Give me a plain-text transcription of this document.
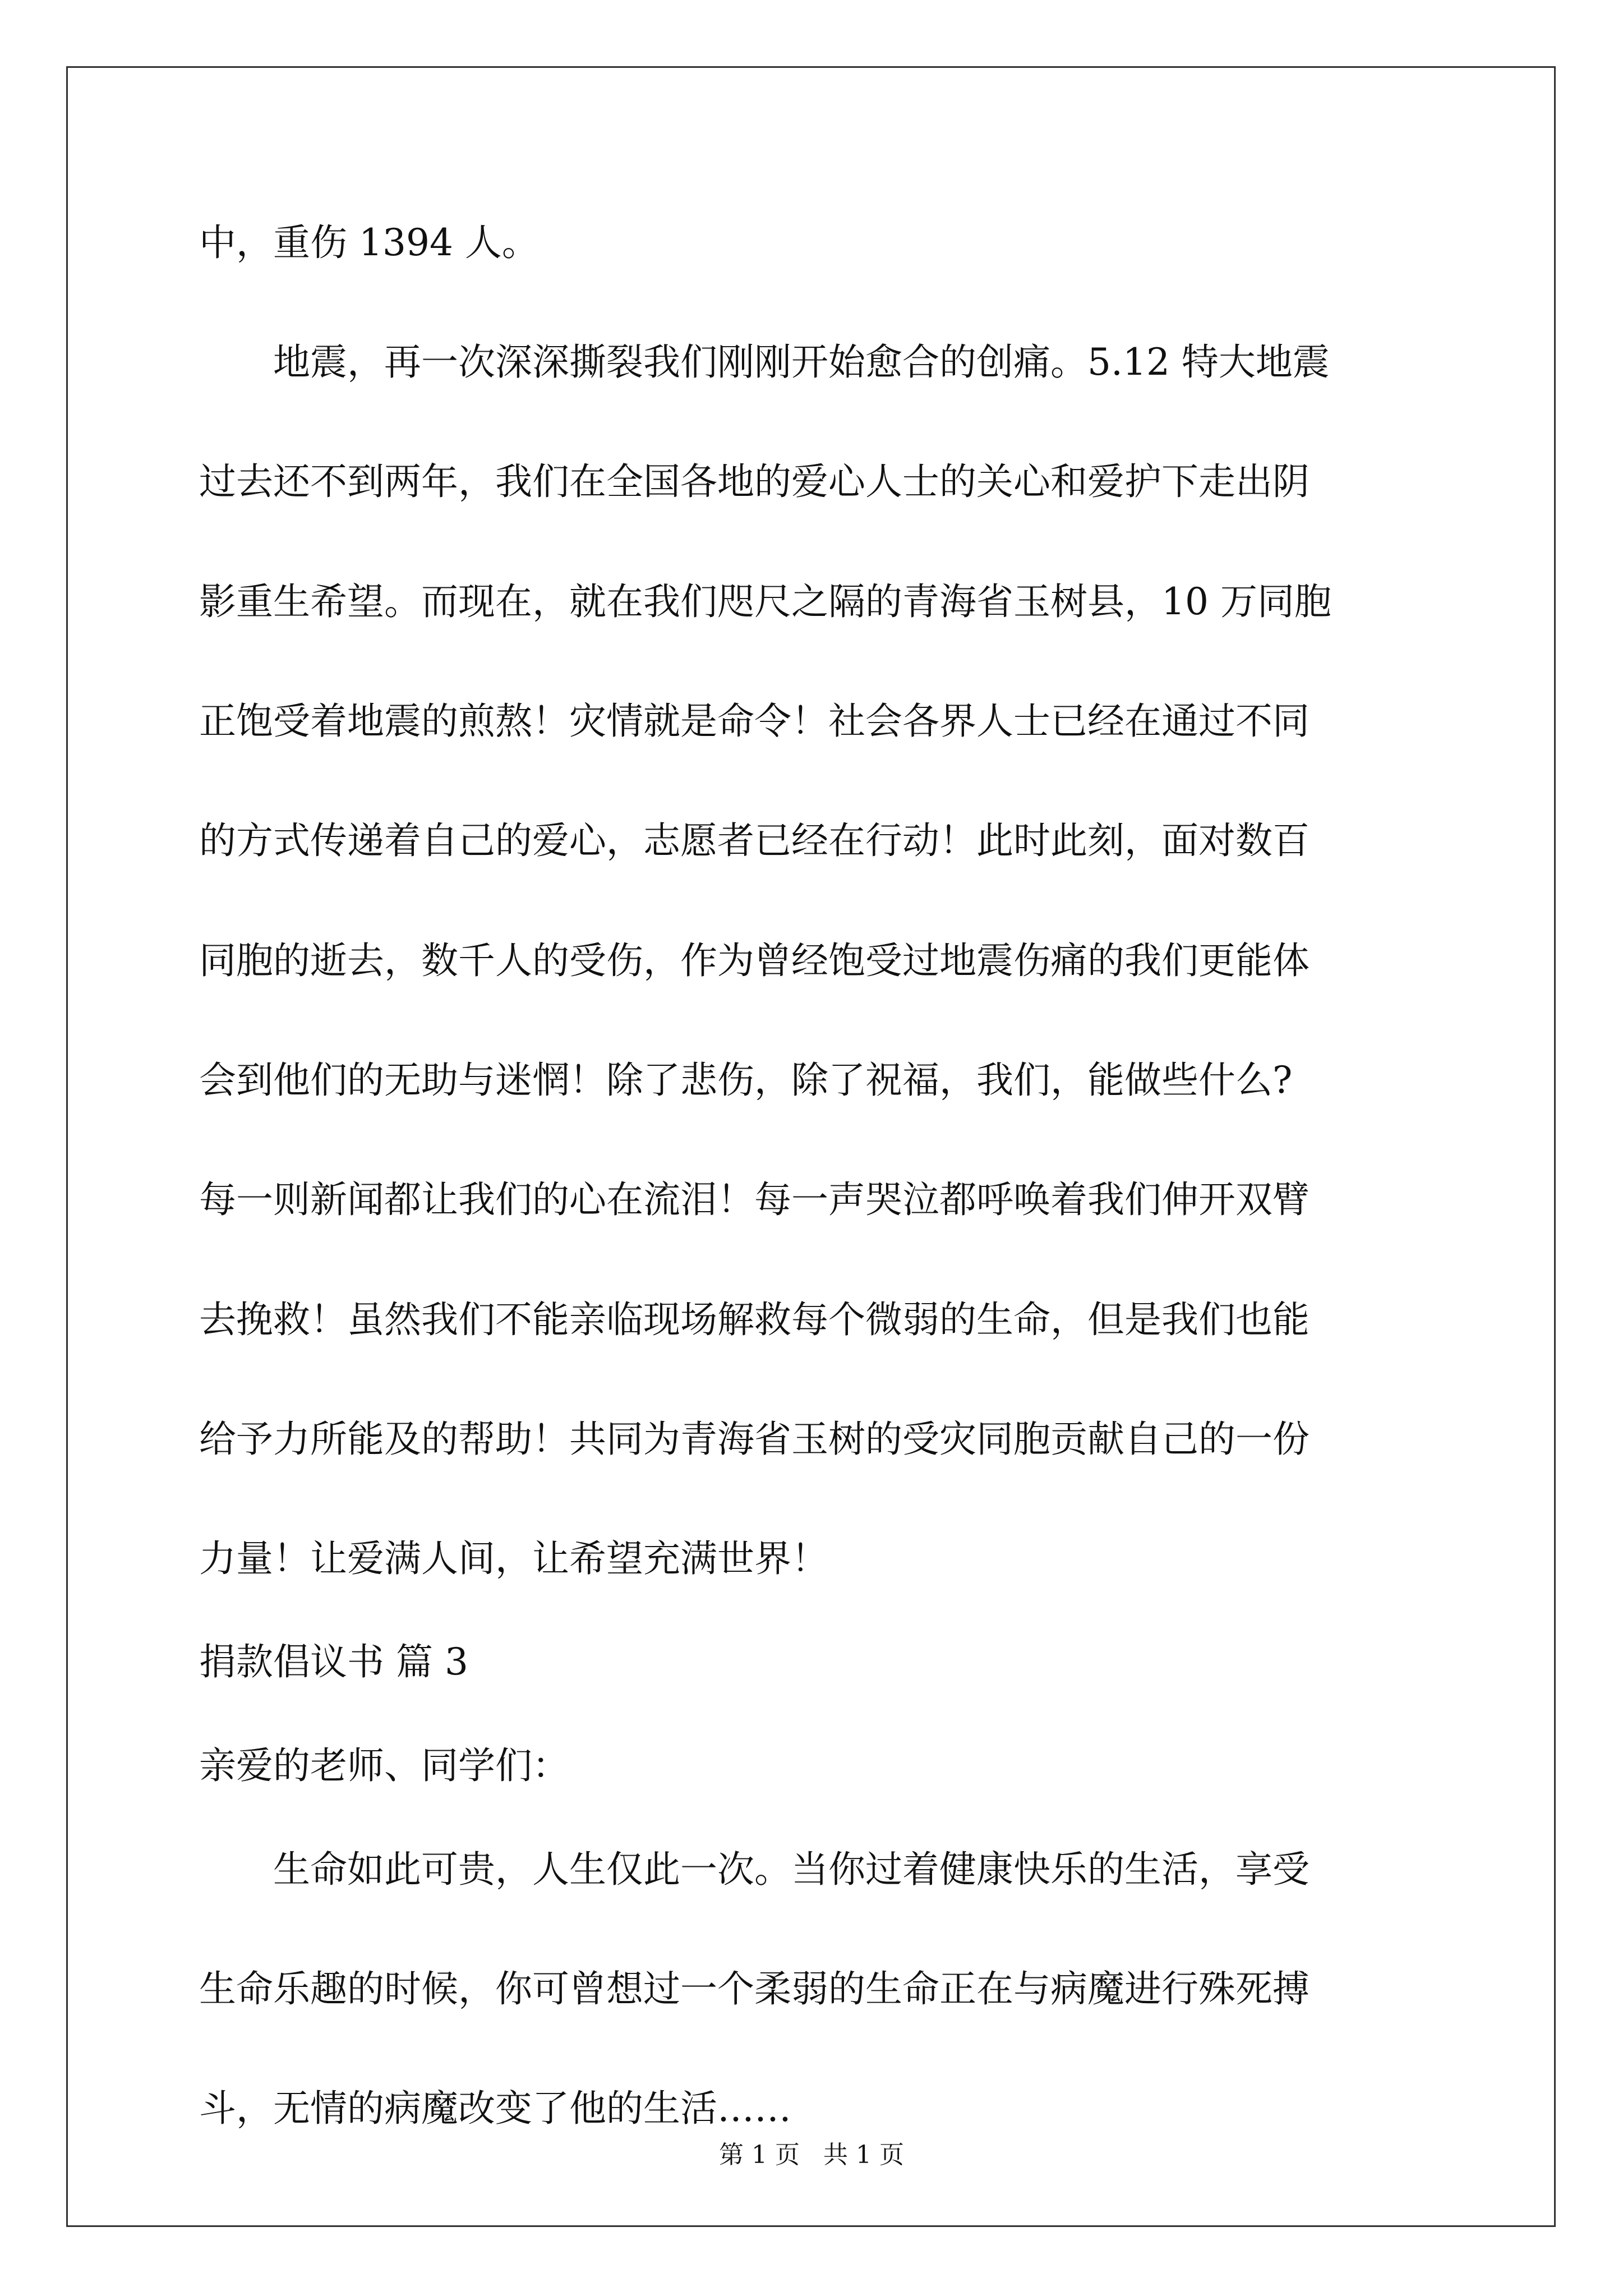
中，重伤 1394 人。
　　地震，再一次深深撕裂我们刚刚开始愈合的创痛。5.12 特大地震
过去还不到两年，我们在全国各地的爱心人士的关心和爱护下走出阴
影重生希望。而现在，就在我们咫尺之隔的青海省玉树县，10 万同胞
正饱受着地震的煎熬！灾情就是命令！社会各界人士已经在通过不同
的方式传递着自己的爱心，志愿者已经在行动！此时此刻，面对数百
同胞的逝去，数千人的受伤，作为曾经饱受过地震伤痛的我们更能体
会到他们的无助与迷惘！除了悲伤，除了祝福，我们，能做些什么?
每一则新闻都让我们的心在流泪！每一声哭泣都呼唤着我们伸开双臂
去挽救！虽然我们不能亲临现场解救每个微弱的生命，但是我们也能
给予力所能及的帮助！共同为青海省玉树的受灾同胞贡献自己的一份
力量！让爱满人间，让希望充满世界！
捐款倡议书 篇 3
亲爱的老师、同学们：
　　生命如此可贵，人生仅此一次。当你过着健康快乐的生活，享受
生命乐趣的时候，你可曾想过一个柔弱的生命正在与病魔进行殊死搏
斗，无情的病魔改变了他的生活……
第 1 页   共 1 页
